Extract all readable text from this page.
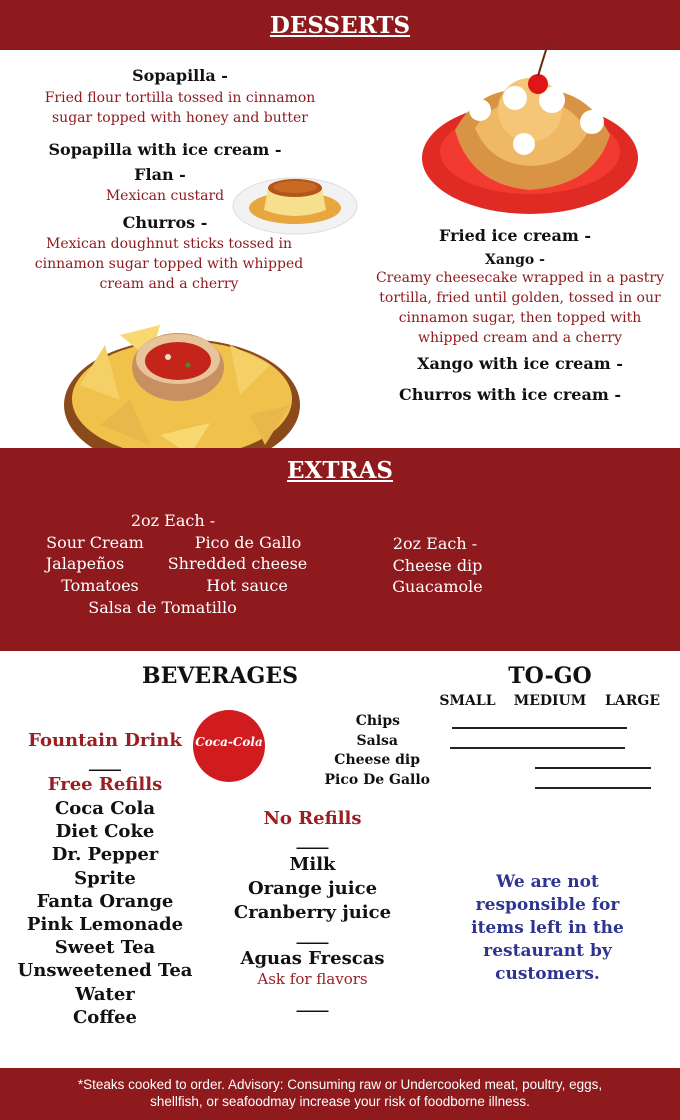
DESSERTS
Sopapilla -
Fried flour tortilla tossed in cinnamon sugar topped with honey and butter
Sopapilla with ice cream -
Flan -
Mexican custard
Churros -
Mexican doughnut sticks tossed in cinnamon sugar topped with whipped cream and a cherry
Fried ice cream -
Xango -
Creamy cheesecake wrapped in a pastry tortilla, fried until golden, tossed in our cinnamon sugar, then topped with whipped cream and a cherry
Xango with ice cream -
Churros with ice cream -
EXTRAS
2oz Each -
Sour Cream	Pico de Gallo
Jalapeños	Shredded cheese
Tomatoes	Hot sauce
Salsa de Tomatillo
2oz Each -
Cheese dip
Guacamole
BEVERAGES
Fountain Drink
____
Free Refills
Coca Cola
Diet Coke
Dr. Pepper
Sprite
Fanta Orange
Pink Lemonade
Sweet Tea
Unsweetened Tea
Water
Coffee
Coca-Cola
No Refills
____
Milk
Orange juice
Cranberry juice
____
Aguas Frescas
Ask for flavors
____
TO-GO
SMALL	MEDIUM	LARGE
Chips
Salsa
Cheese dip
Pico De Gallo
We are not responsible for items left in the restaurant by customers.
*Steaks cooked to order. Advisory: Consuming raw or Undercooked meat, poultry, eggs, shellfish, or seafoodmay increase your risk of foodborne illness.
